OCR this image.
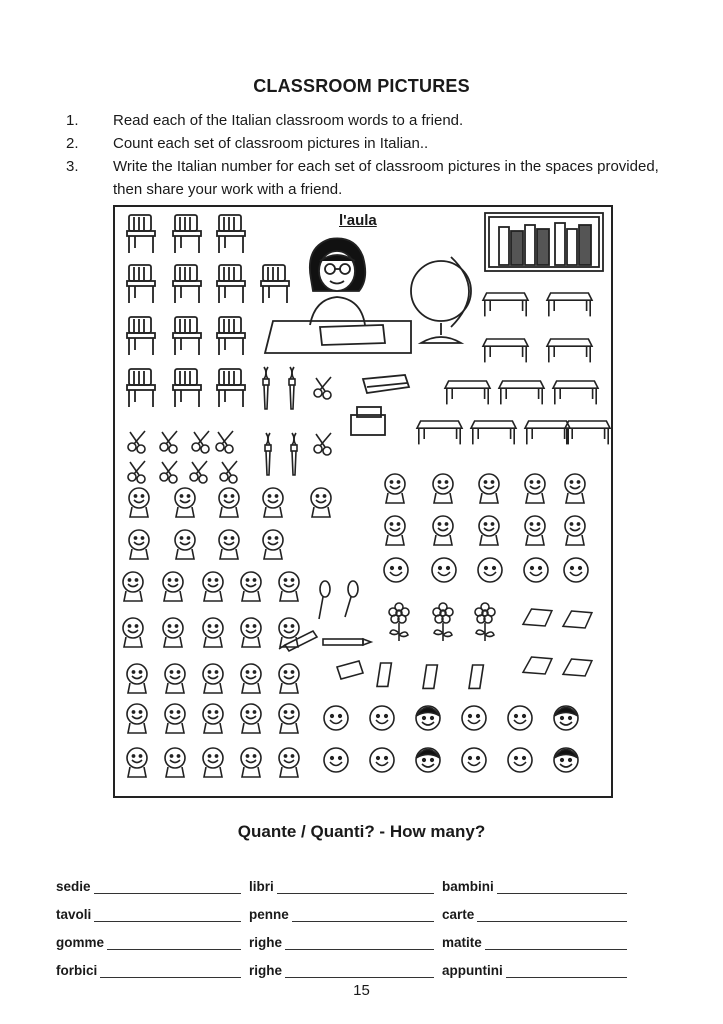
CLASSROOM PICTURES
1.	Read each of the Italian classroom words to a friend.
2.	Count each set of classroom pictures in Italian..
3.	Write the Italian number for each set of classroom pictures in the spaces provided, then share your work with a friend.
l'aula
Quante / Quanti? - How many?
sedie	libri	bambini
tavoli	penne	carte
gomme	righe	matite
forbici	righe	appuntini
15
